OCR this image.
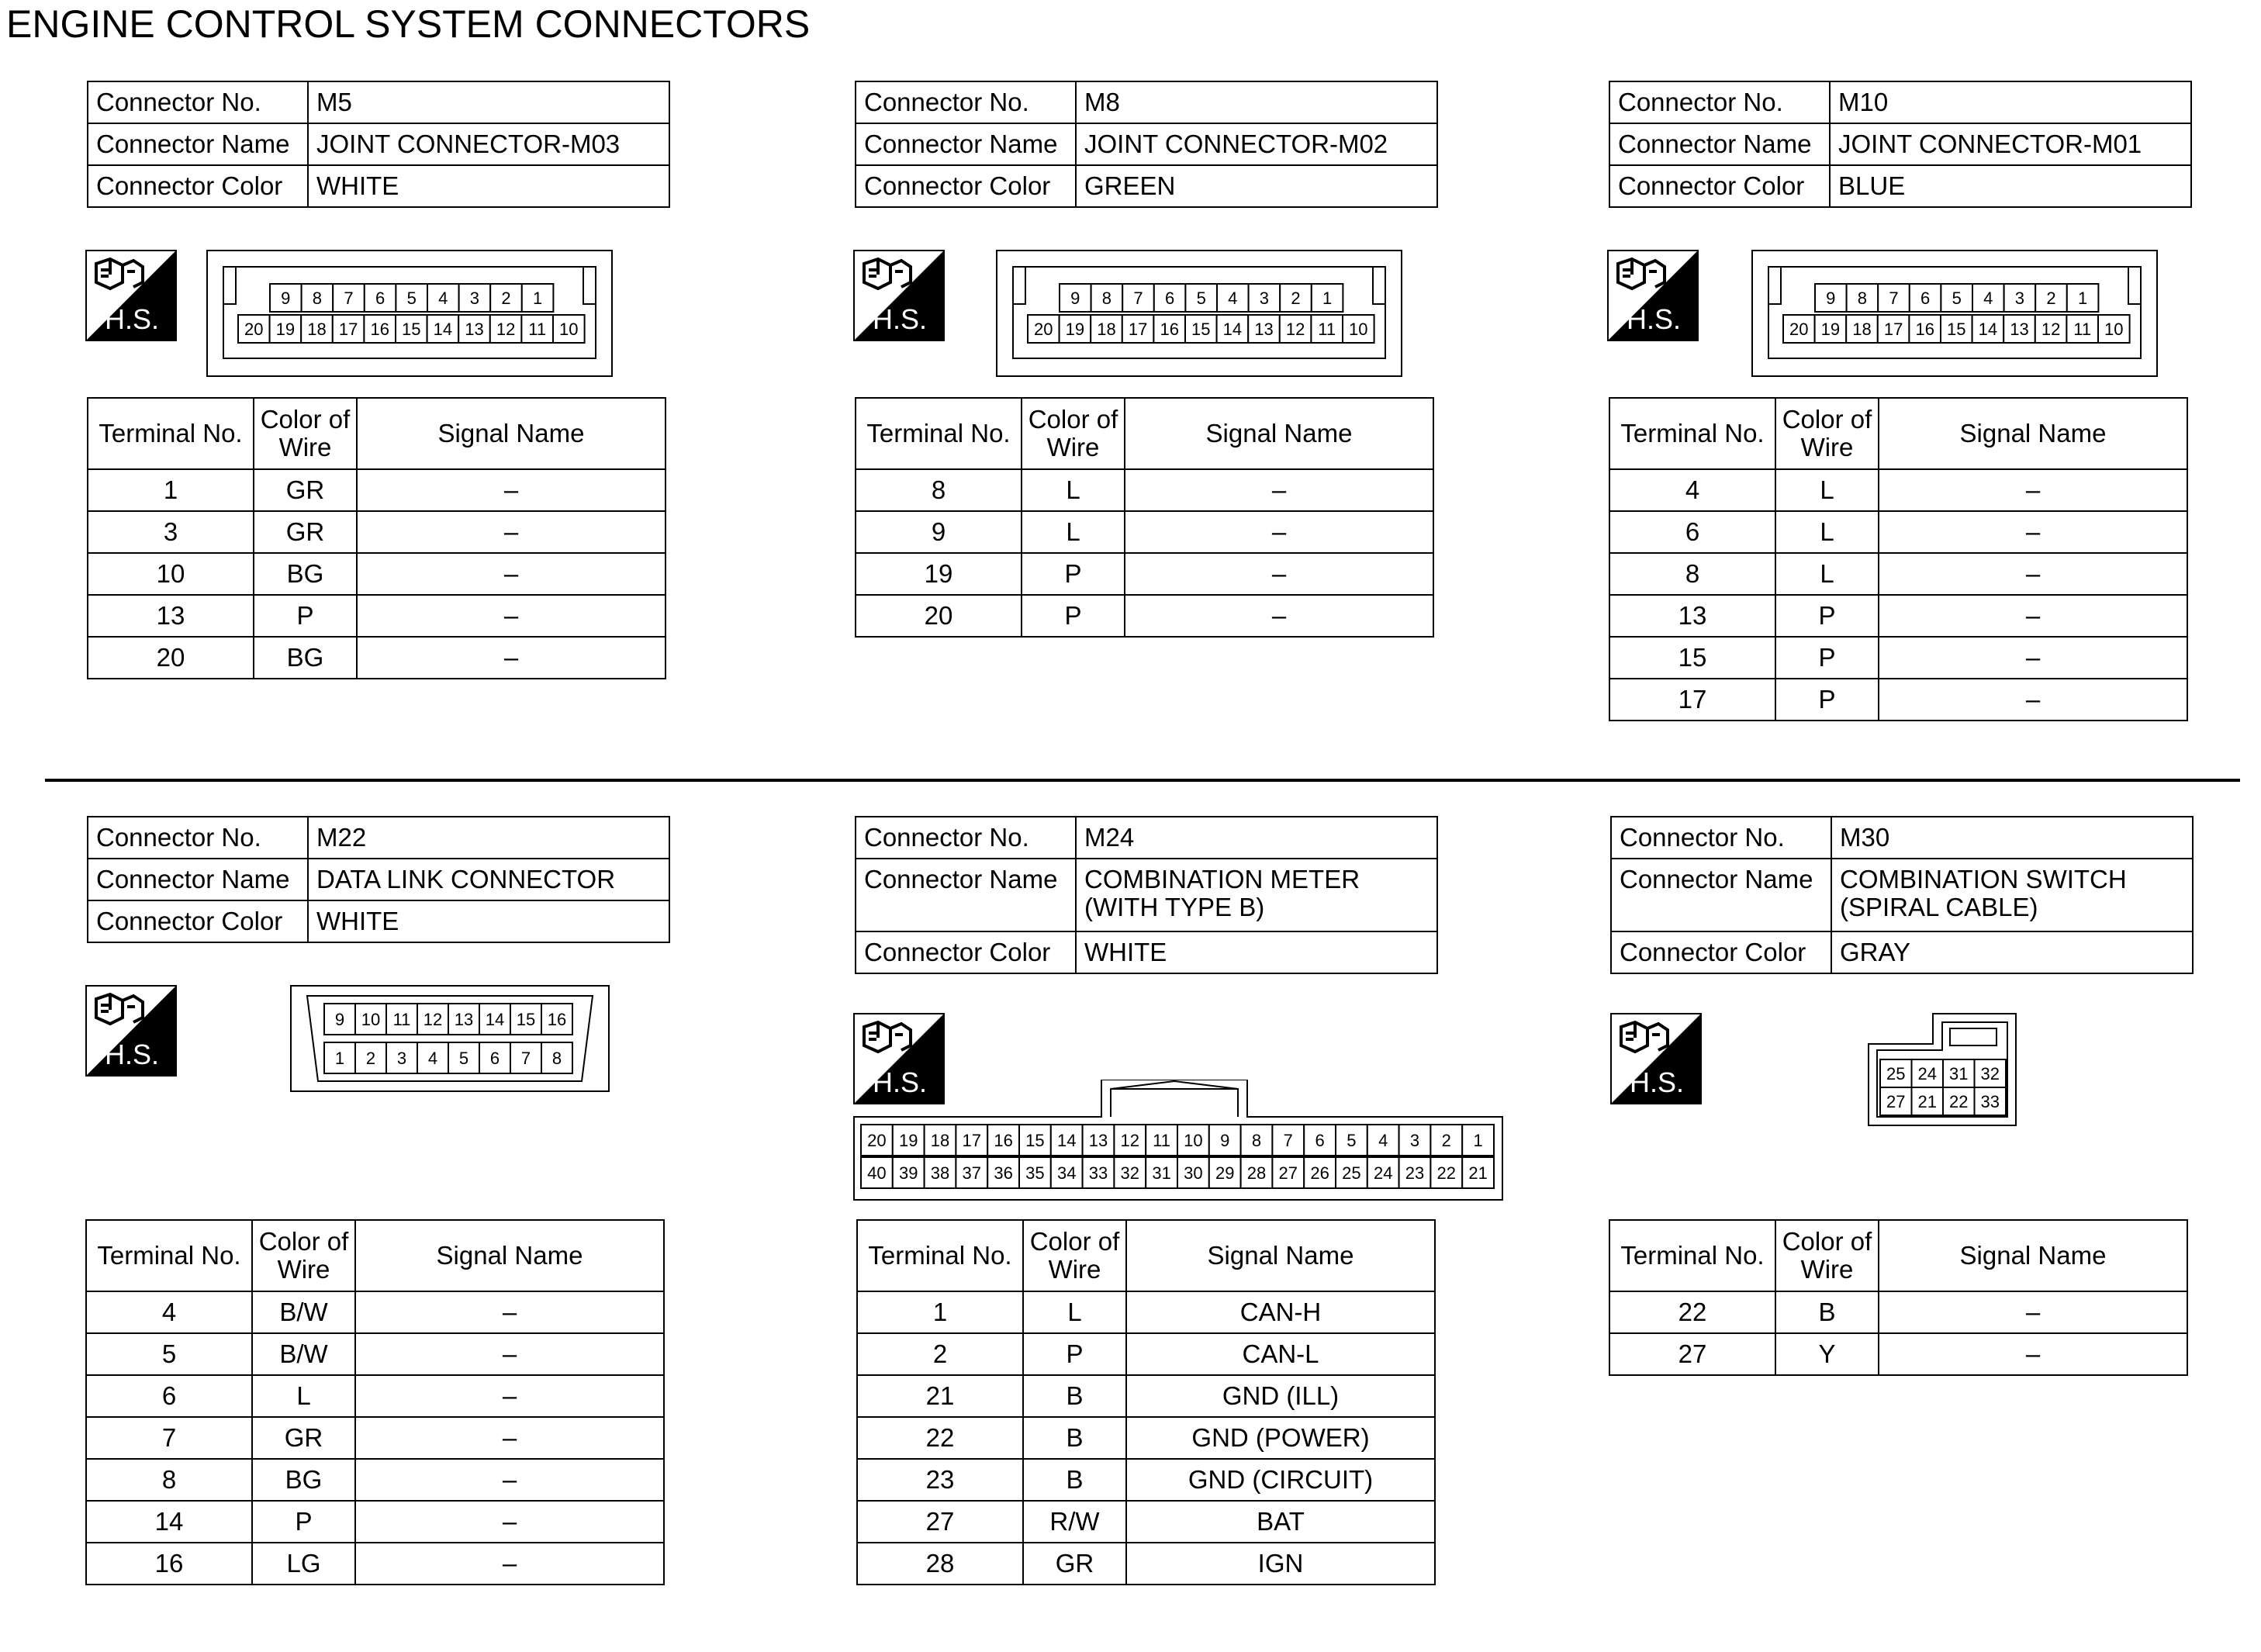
ENGINE CONTROL SYSTEM CONNECTORS
Connector No.	M5
Connector Name	JOINT CONNECTOR-M03
Connector Color	WHITE
H.S.
9 8 7 6 5 4 3 2 1
20 19 18 17 16 15 14 13 12 11 10
Terminal No.	Color of Wire	Signal Name
1	GR	–
3	GR	–
10	BG	–
13	P	–
20	BG	–
Connector No.	M8
Connector Name	JOINT CONNECTOR-M02
Connector Color	GREEN
H.S.
9 8 7 6 5 4 3 2 1
20 19 18 17 16 15 14 13 12 11 10
Terminal No.	Color of Wire	Signal Name
8	L	–
9	L	–
19	P	–
20	P	–
Connector No.	M10
Connector Name	JOINT CONNECTOR-M01
Connector Color	BLUE
H.S.
9 8 7 6 5 4 3 2 1
20 19 18 17 16 15 14 13 12 11 10
Terminal No.	Color of Wire	Signal Name
4	L	–
6	L	–
8	L	–
13	P	–
15	P	–
17	P	–
Connector No.	M22
Connector Name	DATA LINK CONNECTOR
Connector Color	WHITE
H.S.
9 10 11 12 13 14 15 16
1 2 3 4 5 6 7 8
Terminal No.	Color of Wire	Signal Name
4	B/W	–
5	B/W	–
6	L	–
7	GR	–
8	BG	–
14	P	–
16	LG	–
Connector No.	M24
Connector Name	COMBINATION METER
(WITH TYPE B)

Connector Color	WHITE
H.S.
20 19 18 17 16 15 14 13 12 11 10 9 8 7 6 5 4 3 2 1
40 39 38 37 36 35 34 33 32 31 30 29 28 27 26 25 24 23 22 21
Terminal No.	Color of Wire	Signal Name
1	L	CAN-H
2	P	CAN-L
21	B	GND (ILL)
22	B	GND (POWER)
23	B	GND (CIRCUIT)
27	R/W	BAT
28	GR	IGN
Connector No.	M30
Connector Name	COMBINATION SWITCH
(SPIRAL CABLE)

Connector Color	GRAY
H.S.	25 24 31 32
27 21 22 33
Terminal No.	Color of Wire	Signal Name
22	B	–
27	Y	–
